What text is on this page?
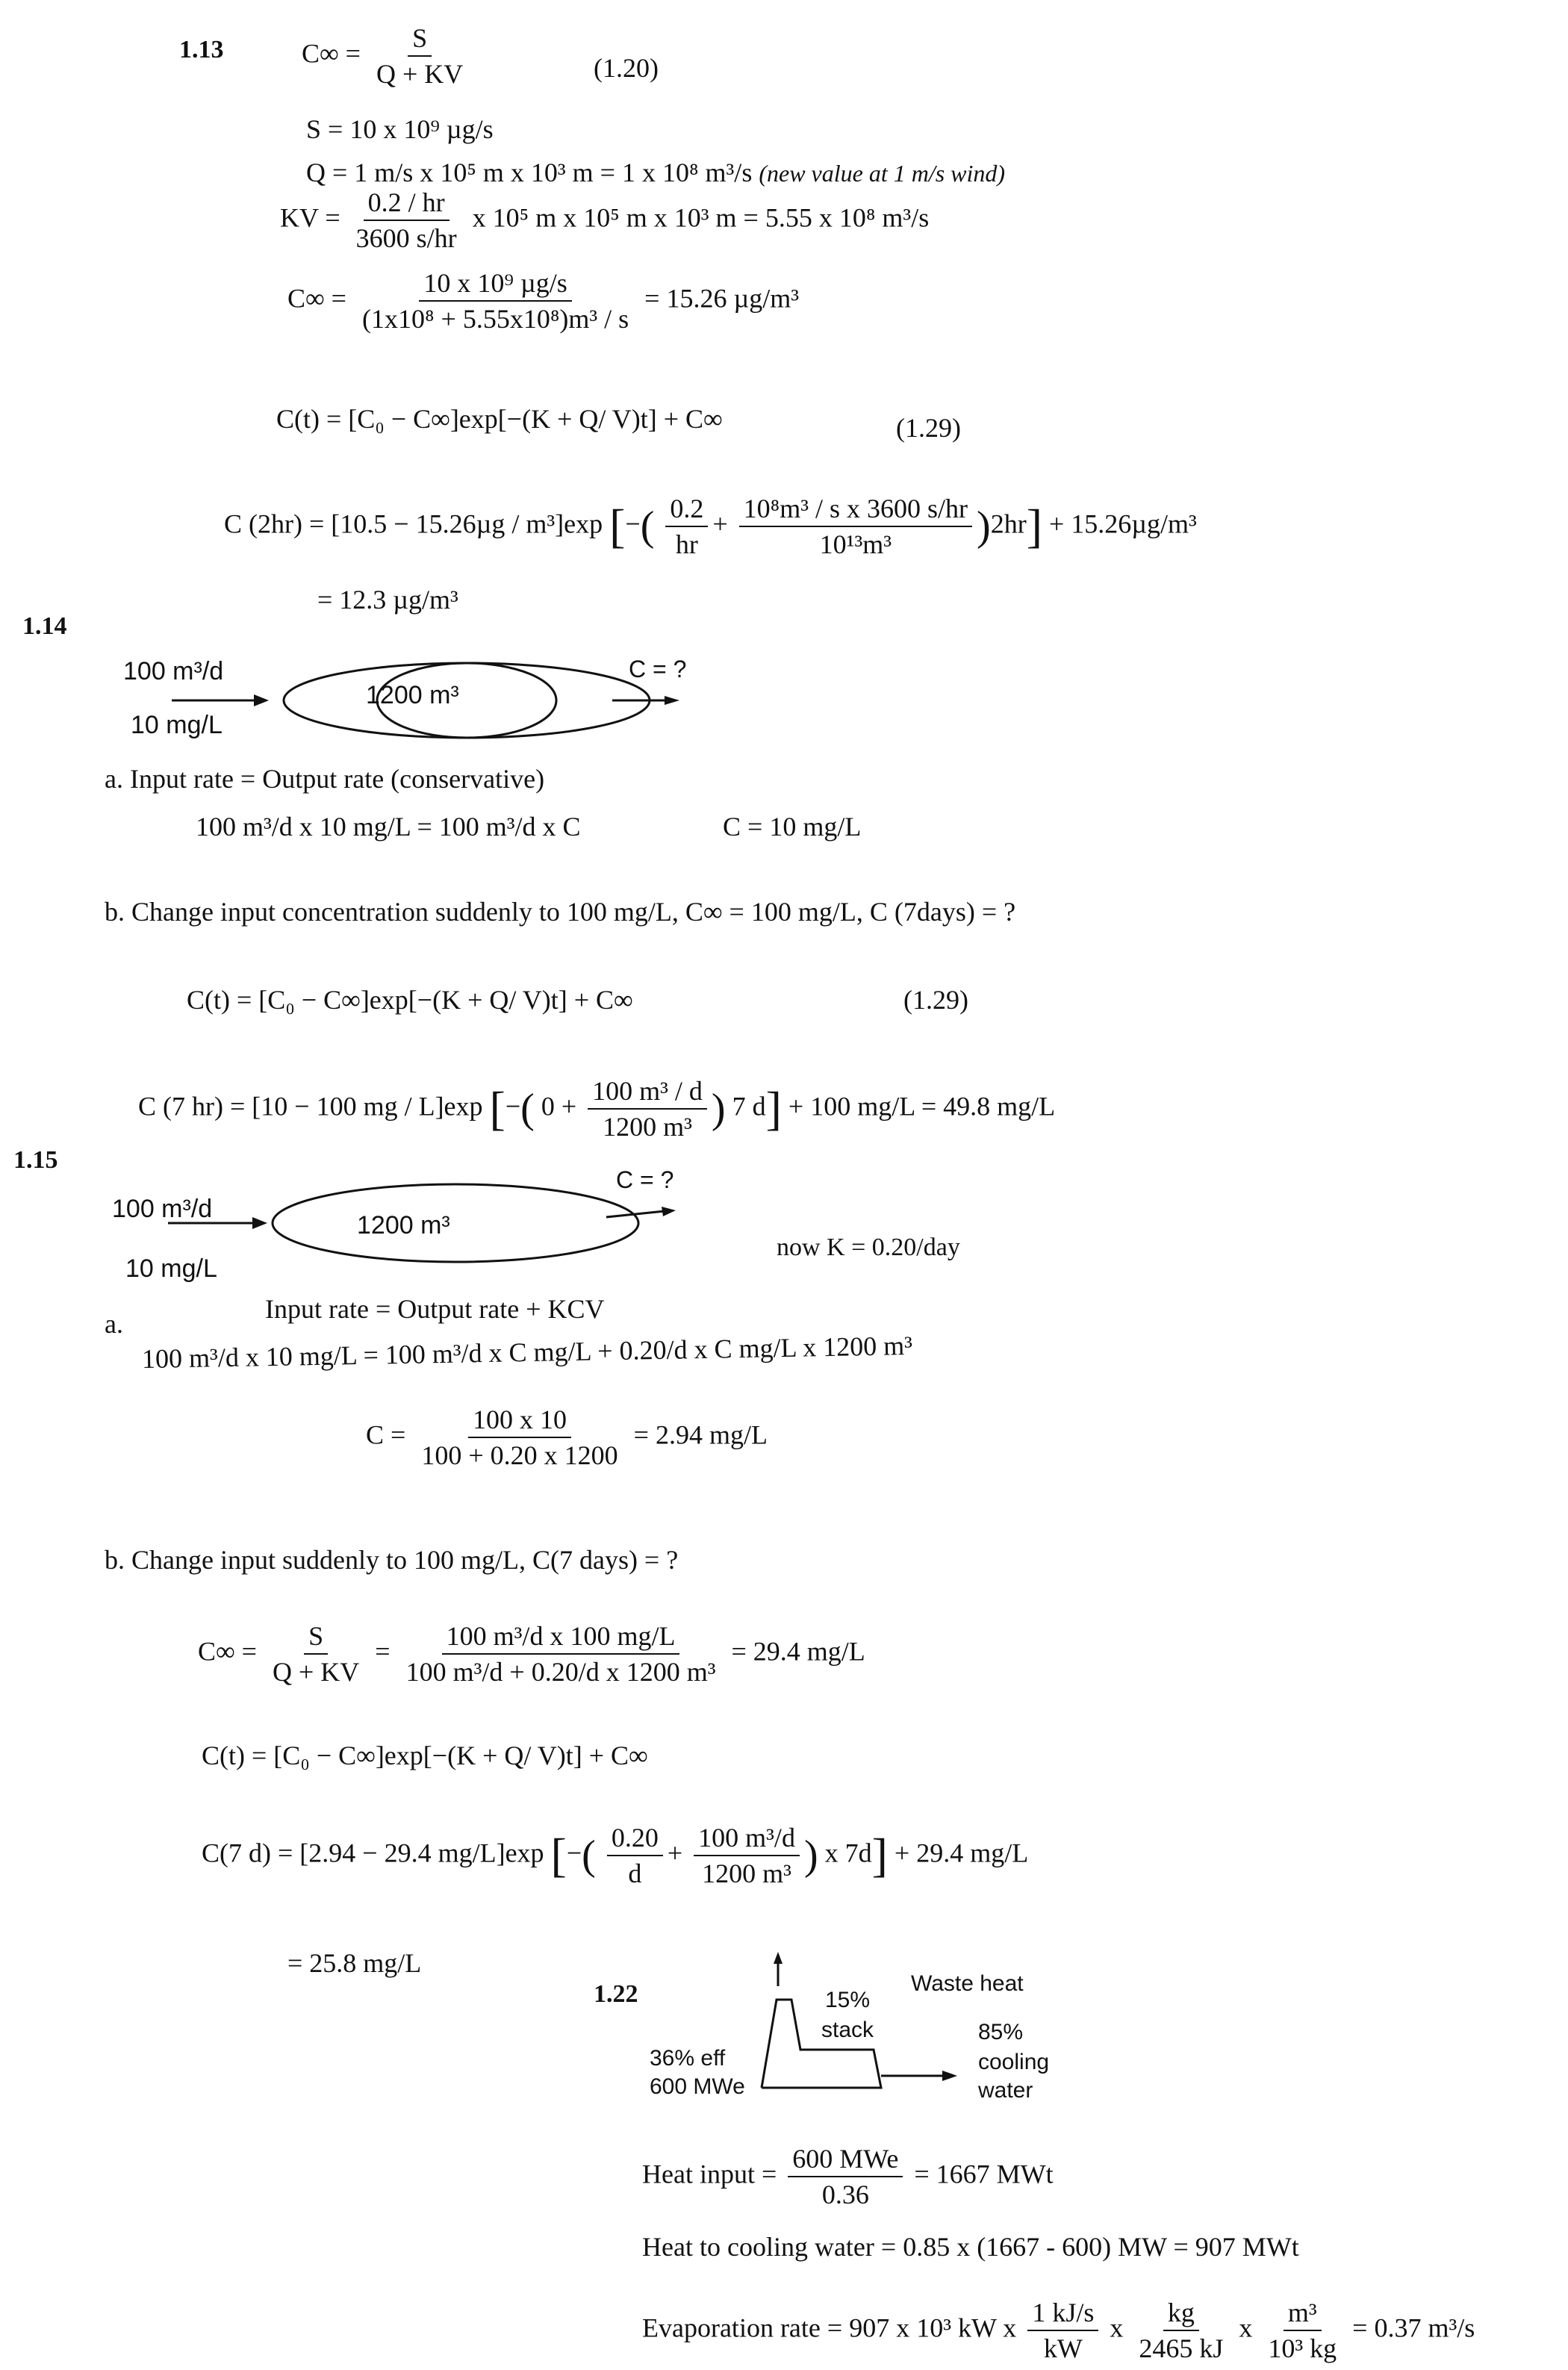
1.13	$C\infty = \frac{S}{Q + KV}$	(1.20)
S = 10 x 10⁹ µg/s
Q = 1 m/s x 10⁵ m x 10³ m = 1 x 10⁸ m³/s (new value at 1 m/s wind)
KV = $\frac{0.2 / hr}{3600 s/hr}$ x 10⁵ m x 10⁵ m x 10³ m = 5.55 x 10⁸ m³/s
$C\infty = \frac{\text{10 x 10⁹ µg/s}}{\text{(1x10⁸ + 5.55x10⁸)m³ / s}} = 15.26$ µg/m³
C(t) = [C₀ − C∞]exp[−(K + Q/ V)t] + C∞	(1.29)
C (2hr) = [10.5 − 15.26µg / m³]exp [−( $\frac{0.2}{hr} + \frac{\text{10⁸m³ / s x 3600 s/hr}}{\text{10¹³m³}} )2hr] + 15.26\mu g/m^3$
= 12.3 µg/m³
1.14
100 m³/d
10 mg/L
1200 m³
C = ?
a. Input rate = Output rate (conservative)
100 m³/d x 10 mg/L = 100 m³/d x C	C = 10 mg/L
b. Change input concentration suddenly to 100 mg/L, C∞ = 100 mg/L, C (7days) = ?
C(t) = [C₀ − C∞]exp[−(K + Q/ V)t] + C∞	(1.29)
C (7 hr) = [10 − 100 mg / L]exp [−( $0 + \frac{\text{100 m³ / d}}{\text{1200 m³}}$ ) 7 d] + 100 mg/L = 49.8 mg/L
1.15
100 m³/d
10 mg/L
1200 m³
C = ?
now K = 0.20/day
a.	Input rate = Output rate + KCV
100 m³/d x 10 mg/L = 100 m³/d x C mg/L + 0.20/d x C mg/L x 1200 m³
$C = \frac{100 x 10}{100 + 0.20 x 1200} = 2.94$ mg/L
b. Change input suddenly to 100 mg/L, C(7 days) = ?
$C\infty = \frac{S}{Q + KV} = \frac{\text{100 m³/d x 100 mg/L}}{\text{100 m³/d + 0.20/d x 1200 m³}} = 29.4$ mg/L
C(t) = [C₀ − C∞]exp[−(K + Q/ V)t] + C∞
C(7 d) = [2.94 − 29.4 mg/L]exp [−( $\frac{0.20}{d} + \frac{\text{100 m³/d}}{\text{1200 m³}}$ ) x 7d] + 29.4 mg/L
= 25.8 mg/L
1.22	15%
stack
Waste heat
85%
cooling
water
36% eff
600 MWe
Heat input = $\frac{\text{600 MWe}}{0.36} = 1667$ MWt
Heat to cooling water = 0.85 x (1667 - 600) MW = 907 MWt
Evaporation rate = 907 x 10³ kW x $\frac{1 kJ/s}{kW}$ x $\frac{kg}{2465 kJ}$ x $\frac{\text{m³}}{\text{10³ kg}} = 0.37$ m³/s
